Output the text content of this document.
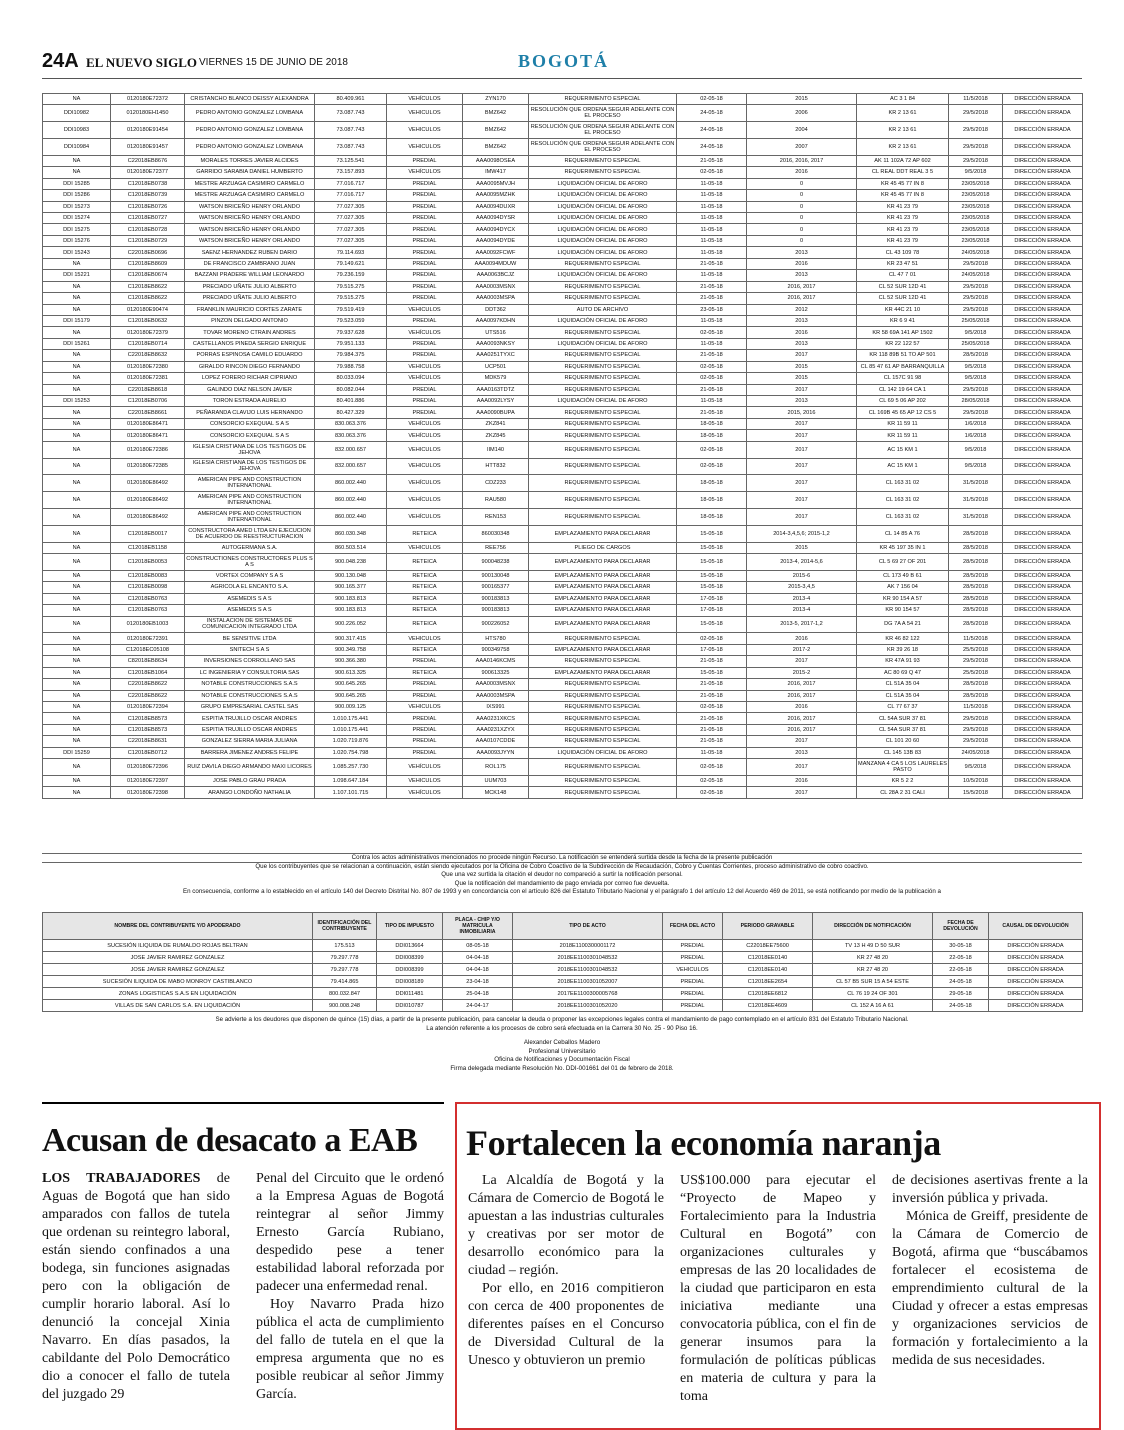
24A EL NUEVO SIGLO VIERNES 15 DE JUNIO DE 2018	BOGOTÁ
NA	0120180E72372	CRISTANCHO BLANCO DEISSY ALEXANDRA	80.409.961	VEHÍCULOS	ZYN170	REQUERIMIENTO ESPECIAL	02-05-18	2015	AC 3 1 84	11/5/2018	DIRECCIÓN ERRADA
DDI10982	0120180EH1450	PEDRO ANTONIO GONZALEZ LOMBANA	73.087.743	VEHICULOS	BMZ642	RESOLUCIÓN QUE ORDENA SEGUIR ADELANTE CON EL PROCESO	24-05-18	2006	KR 2 13 61	29/5/2018	DIRECCIÓN ERRADA
DDI10983	0120180E91454	PEDRO ANTONIO GONZALEZ LOMBANA	73.087.743	VEHICULOS	BMZ642	RESOLUCIÓN QUE ORDENA SEGUIR ADELANTE CON EL PROCESO	24-05-18	2004	KR 2 13 61	29/5/2018	DIRECCIÓN ERRADA
DDI10984	0120180E91457	PEDRO ANTONIO GONZALEZ LOMBANA	73.087.743	VEHICULOS	BMZ642	RESOLUCIÓN QUE ORDENA SEGUIR ADELANTE CON EL PROCESO	24-05-18	2007	KR 2 13 61	29/5/2018	DIRECCIÓN ERRADA
NA	C22018EB8676	MORALES TORRES JAVIER ALCIDES	73.125.541	PREDIAL	AAA0098OSEA	REQUERIMIENTO ESPECIAL	21-05-18	2016, 2016, 2017	AK 11 102A 72 AP 602	29/5/2018	DIRECCIÓN ERRADA
NA	0120180E72377	GARRIDO SARABIA DANIEL HUMBERTO	73.157.893	VEHÍCULOS	IMW417	REQUERIMIENTO ESPECIAL	02-05-18	2016	CL REAL DDT REAL 3 5	9/5/2018	DIRECCIÓN ERRADA
DDI 15285	C12018EB0738	MESTRE ARZUAGA CASIMIRO CARMELO	77.016.717	PREDIAL	AAA0095MVJH	LIQUIDACIÓN OFICIAL DE AFORO	11-05-18	0	KR 45 45 77 IN 8	23/05/2018	DIRECCIÓN ERRADA
DDI 15286	C12018EB0739	MESTRE ARZUAGA CASIMIRO CARMELO	77.016.717	PREDIAL	AAA0095MZHK	LIQUIDACIÓN OFICIAL DE AFORO	11-05-18	0	KR 45 45 77 IN 8	23/05/2018	DIRECCIÓN ERRADA
DDI 15273	C12018EB0726	WATSON BRICEÑO HENRY ORLANDO	77.027.305	PREDIAL	AAA0094DUXR	LIQUIDACIÓN OFICIAL DE AFORO	11-05-18	0	KR 41 23 79	23/05/2018	DIRECCIÓN ERRADA
DDI 15274	C12018EB0727	WATSON BRICEÑO HENRY ORLANDO	77.027.305	PREDIAL	AAA0094DYSR	LIQUIDACIÓN OFICIAL DE AFORO	11-05-18	0	KR 41 23 79	23/05/2018	DIRECCIÓN ERRADA
DDI 15275	C12018EB0728	WATSON BRICEÑO HENRY ORLANDO	77.027.305	PREDIAL	AAA0094DYCX	LIQUIDACIÓN OFICIAL DE AFORO	11-05-18	0	KR 41 23 79	23/05/2018	DIRECCIÓN ERRADA
DDI 15276	C12018EB0729	WATSON BRICEÑO HENRY ORLANDO	77.027.305	PREDIAL	AAA0094DYDE	LIQUIDACIÓN OFICIAL DE AFORO	11-05-18	0	KR 41 23 79	23/05/2018	DIRECCIÓN ERRADA
DDI 15243	C22018EB0696	SAENZ HERNANDEZ RUBEN DARIO	79.114.693	PREDIAL	AAA0092FCWF	LIQUIDACIÓN OFICIAL DE AFORO	11-05-18	2013	CL 43 109 78	24/05/2018	DIRECCIÓN ERRADA
NA	C12018EB8609	DE FRANCISCO ZAMBRANO JUAN	79.149.621	PREDIAL	AAA0094MDUW	REQUERIMIENTO ESPECIAL	21-05-18	2016	KR 23 47 51	29/5/2018	DIRECCIÓN ERRADA
DDI 15221	C12018EB0674	BAZZANI PRADERE WILLIAM LEONARDO	79.236.159	PREDIAL	AAA0063BCJZ	LIQUIDACIÓN OFICIAL DE AFORO	11-05-18	2013	CL 47 7 01	24/05/2018	DIRECCIÓN ERRADA
NA	C12018EB8622	PRECIADO UÑATE JULIO ALBERTO	79.515.275	PREDIAL	AAA0003MSNX	REQUERIMIENTO ESPECIAL	21-05-18	2016, 2017	CL 52 SUR 12D 41	29/5/2018	DIRECCIÓN ERRADA
NA	C12018EB8622	PRECIADO UÑATE JULIO ALBERTO	79.515.275	PREDIAL	AAA0003MSPA	REQUERIMIENTO ESPECIAL	21-05-18	2016, 2017	CL 52 SUR 12D 41	29/5/2018	DIRECCIÓN ERRADA
NA	0120180E90474	FRANKLIN MAURICIO CORTES ZARATE	79.519.419	VEHICULOS	DDT362	AUTO DE ARCHIVO	23-05-18	2012	KR 44C 21 10	29/5/2018	DIRECCIÓN ERRADA
DDI 15179	C12018EB0632	PINZON DELGADO ANTONIO	79.523.059	PREDIAL	AAA0097KDHN	LIQUIDACIÓN OFICIAL DE AFORO	11-05-18	2013	KR 6 9 41	25/05/2018	DIRECCIÓN ERRADA
NA	0120180E72379	TOVAR MORENO CTRAIN ANDRES	79.937.628	VEHÍCULOS	UTS516	REQUERIMIENTO ESPECIAL	02-05-18	2016	KR 58 69A 141 AP 1502	9/5/2018	DIRECCIÓN ERRADA
DDI 15261	C12018EB0714	CASTELLANOS PINEDA SERGIO ENRIQUE	79.951.133	PREDIAL	AAA0093NKSY	LIQUIDACIÓN OFICIAL DE AFORO	11-05-18	2013	KR 22 122 57	25/05/2018	DIRECCIÓN ERRADA
NA	C22018EB8632	PORRAS ESPINOSA CAMILO EDUARDO	79.984.375	PREDIAL	AAA0251TYXC	REQUERIMIENTO ESPECIAL	21-05-18	2017	KR 118 89B 51 TO AP 501	28/5/2018	DIRECCIÓN ERRADA
NA	0120180E72380	GIRALDO RINCON DIEGO FERNANDO	79.988.758	VEHICULOS	UCP501	REQUERIMIENTO ESPECIAL	02-05-18	2015	CL 85 47 61 AP BARRANQUILLA	9/5/2018	DIRECCIÓN ERRADA
NA	0120180E72381	LOPEZ FORERO RICHAR CIPRIANO	80.033.094	VEHÍCULOS	MDK579	REQUERIMIENTO ESPECIAL	02-05-18	2015	CL 157C 91 98	9/5/2018	DIRECCIÓN ERRADA
NA	C22018EB8618	GALINDO DIAZ NELSON JAVIER	80.082.044	PREDIAL	AAA0163TDTZ	REQUERIMIENTO ESPECIAL	21-05-18	2017	CL 142 19 64 CA 1	29/5/2018	DIRECCIÓN ERRADA
DDI 15253	C12018EB0706	TORON ESTRADA AURELIO	80.401.886	PREDIAL	AAA0092LYSY	LIQUIDACIÓN OFICIAL DE AFORO	11-05-18	2013	CL 69 5 06 AP 202	28/05/2018	DIRECCIÓN ERRADA
NA	C22018EB8661	PEÑARANDA CLAVIJO LUIS HERNANDO	80.427.329	PREDIAL	AAA0090BUPA	REQUERIMIENTO ESPECIAL	21-05-18	2015, 2016	CL 169B 45 65 AP 12 CS 5	29/5/2018	DIRECCIÓN ERRADA
NA	0120180E86471	CONSORCIO EXEQUIAL S A S	830.063.376	VEHÍCULOS	ZKZ841	REQUERIMIENTO ESPECIAL	18-05-18	2017	KR 11 59 11	1/6/2018	DIRECCIÓN ERRADA
NA	0120180E86471	CONSORCIO EXEQUIAL S A S	830.063.376	VEHÍCULOS	ZKZ845	REQUERIMIENTO ESPECIAL	18-05-18	2017	KR 11 59 11	1/6/2018	DIRECCIÓN ERRADA
NA	0120180E72386	IGLESIA CRISTIANA DE LOS TESTIGOS DE JEHOVA	832.000.657	VEHICULOS	IIM140	REQUERIMIENTO ESPECIAL	02-05-18	2017	AC 15 KM 1	9/5/2018	DIRECCIÓN ERRADA
NA	0120180E72385	IGLESIA CRISTIANA DE LOS TESTIGOS DE JEHOVA	832.000.657	VEHICULOS	HTT832	REQUERIMIENTO ESPECIAL	02-05-18	2017	AC 15 KM 1	9/5/2018	DIRECCIÓN ERRADA
NA	0120180E86492	AMERICAN PIPE AND CONSTRUCTION INTERNATIONAL	860.002.440	VEHÍCULOS	CDZ233	REQUERIMIENTO ESPECIAL	18-05-18	2017	CL 163 31 02	31/5/2018	DIRECCIÓN ERRADA
NA	0120180E86492	AMERICAN PIPE AND CONSTRUCTION INTERNATIONAL	860.002.440	VEHÍCULOS	RAU580	REQUERIMIENTO ESPECIAL	18-05-18	2017	CL 163 31 02	31/5/2018	DIRECCIÓN ERRADA
NA	0120180E86492	AMERICAN PIPE AND CONSTRUCTION INTERNATIONAL	860.002.440	VEHÍCULOS	REN153	REQUERIMIENTO ESPECIAL	18-05-18	2017	CL 163 31 02	31/5/2018	DIRECCIÓN ERRADA
NA	C12018EB0017	CONSTRUCTORA AMED LTDA EN EJECUCION DE ACUERDO DE REESTRUCTURACION	860.030.348	RETEICA	860030348	EMPLAZAMIENTO PARA DECLARAR	15-05-18	2014-3,4,5,6; 2015-1,2	CL 14 85 A 76	28/5/2018	DIRECCIÓN ERRADA
NA	C12018EB1158	AUTOGERMANA S.A.	860.503.514	VEHICULOS	REE756	PLIEGO DE CARGOS	15-05-18	2015	KR 45 197 35 IN 1	28/5/2018	DIRECCIÓN ERRADA
NA	C12018EB0053	CONSTRUCTIONES CONSTRUCTORES PLUS S A S	900.048.238	RETEICA	900048238	EMPLAZAMIENTO PARA DECLARAR	15-05-18	2013-4, 2014-5,6	CL 5 69 27 OF 201	28/5/2018	DIRECCIÓN ERRADA
NA	C12018EB0083	VORTEX COMPANY S A S	900.130.048	RETEICA	900130048	EMPLAZAMIENTO PARA DECLARAR	15-05-18	2015-6	CL 173 49 B 61	28/5/2018	DIRECCIÓN ERRADA
NA	C12018EB0098	AGRICOLA EL ENCANTO S.A.	900.165.377	RETEICA	900165377	EMPLAZAMIENTO PARA DECLARAR	15-05-18	2015-3,4,5	AK 7 156 04	28/5/2018	DIRECCIÓN ERRADA
NA	C12018EB0763	ASEMEDIS S A S	900.183.813	RETEICA	900183813	EMPLAZAMIENTO PARA DECLARAR	17-05-18	2013-4	KR 90 154 A 57	28/5/2018	DIRECCIÓN ERRADA
NA	C12018EB0763	ASEMEDIS S A S	900.183.813	RETEICA	900183813	EMPLAZAMIENTO PARA DECLARAR	17-05-18	2013-4	KR 90 154 57	28/5/2018	DIRECCIÓN ERRADA
NA	0120180EB1003	INSTALACION DE SISTEMAS DE COMUNICACION INTEGRADO LTDA	900.226.052	RETEICA	900226052	EMPLAZAMIENTO PARA DECLARAR	15-05-18	2013-5, 2017-1,2	DG 7A A 54 21	28/5/2018	DIRECCIÓN ERRADA
NA	0120180E72391	BE SENSITIVE LTDA	900.317.415	VEHICULOS	HTS780	REQUERIMIENTO ESPECIAL	02-05-18	2016	KR 46 82 122	11/5/2018	DIRECCIÓN ERRADA
NA	C12018EC05108	SNITECH S A S	900.349.758	RETEICA	900349758	EMPLAZAMIENTO PARA DECLARAR	17-05-18	2017-2	KR 39 26 18	25/5/2018	DIRECCIÓN ERRADA
NA	C82018EB8634	INVERSIONES CORROLLANO SAS	900.366.380	PREDIAL	AAA0146KCMS	REQUERIMIENTO ESPECIAL	21-05-18	2017	KR 47A 91 93	29/5/2018	DIRECCIÓN ERRADA
NA	C12018EB1064	LC INGENIERIA Y CONSULTORIA SAS	900.613.325	RETEICA	900613325	EMPLAZAMIENTO PARA DECLARAR	15-05-18	2015-2	AC 80 69 Q 47	25/5/2018	DIRECCIÓN ERRADA
NA	C22018EB8622	NOTABLE CONSTRUCCIONES S.A.S	900.645.265	PREDIAL	AAA0003MSNX	REQUERIMIENTO ESPECIAL	21-05-18	2016, 2017	CL 51A 35 04	28/5/2018	DIRECCIÓN ERRADA
NA	C22018EB8622	NOTABLE CONSTRUCCIONES S.A.S	900.645.265	PREDIAL	AAA0003MSPA	REQUERIMIENTO ESPECIAL	21-05-18	2016, 2017	CL 51A 35 04	28/5/2018	DIRECCIÓN ERRADA
NA	0120180E72394	GRUPO EMPRESARIAL CASTEL SAS	900.009.125	VEHICULOS	IXS991	REQUERIMIENTO ESPECIAL	02-05-18	2016	CL 77 67 37	11/5/2018	DIRECCIÓN ERRADA
NA	C12018EB8573	ESPITIA TRUJILLO OSCAR ANDRES	1.010.175.441	PREDIAL	AAA0231XKCS	REQUERIMIENTO ESPECIAL	21-05-18	2016, 2017	CL 54A SUR 37 81	29/5/2018	DIRECCIÓN ERRADA
NA	C12018EB8573	ESPITIA TRUJILLO OSCAR ANDRES	1.010.175.441	PREDIAL	AAA0231XZYX	REQUERIMIENTO ESPECIAL	21-05-18	2016, 2017	CL 54A SUR 37 81	29/5/2018	DIRECCIÓN ERRADA
NA	C22018EB8631	GONZALEZ SIERRA MARIA JULIANA	1.020.719.876	PREDIAL	AAA0107CDDE	REQUERIMIENTO ESPECIAL	21-05-18	2017	CL 101 20 60	29/5/2018	DIRECCIÓN ERRADA
DDI 15259	C12018EB0712	BARRERA JIMENEZ ANDRES FELIPE	1.020.754.798	PREDIAL	AAA0093JYYN	LIQUIDACIÓN OFICIAL DE AFORO	11-05-18	2013	CL 145 13B 83	24/05/2018	DIRECCIÓN ERRADA
NA	0120180E72396	RUIZ DAVILA DIEGO ARMANDO MAXI LICORES	1.085.257.730	VEHÍCULOS	ROL175	REQUERIMIENTO ESPECIAL	02-05-18	2017	MANZANA 4 CA 5 LOS LAURELES PASTO	9/5/2018	DIRECCIÓN ERRADA
NA	0120180E72397	JOSE PABLO GRAU PRADA	1.098.647.184	VEHICULOS	UUM703	REQUERIMIENTO ESPECIAL	02-05-18	2016	KR 5 2 2	10/5/2018	DIRECCIÓN ERRADA
NA	0120180E72398	ARANGO LONDOÑO NATHALIA	1.107.101.715	VEHÍCULOS	MCK148	REQUERIMIENTO ESPECIAL	02-05-18	2017	CL 28A 2 31 CALI	15/5/2018	DIRECCIÓN ERRADA

Contra los actos administrativos mencionados no procede ningún Recurso. La notificación se entenderá surtida desde la fecha de la presente publicación

Que los contribuyentes que se relacionan a continuación, están siendo ejecutados por la Oficina de Cobro Coactivo de la Subdirección de Recaudación, Cobro y Cuentas Corrientes, proceso administrativo de cobro coactivo.

Que una vez surtida la citación el deudor no compareció a surtir la notificación personal.

Que la notificación del mandamiento de pago enviada por correo fue devuelta.

En consecuencia, conforme a lo establecido en el artículo 140 del Decreto Distrital No. 807 de 1993 y en concordancia con el artículo 826 del Estatuto Tributario Nacional y el parágrafo 1 del artículo 12 del Acuerdo 469 de 2011, se está notificando por medio de la publicación a

NOMBRE DEL CONTRIBUYENTE Y/O APODERADO	IDENTIFICACIÓN DEL CONTRIBUYENTE	TIPO DE IMPUESTO	PLACA - CHIP Y/O MATRICULA INMOBILIARIA	TIPO DE ACTO	FECHA DEL ACTO	PERIODO GRAVABLE	DIRECCIÓN DE NOTIFICACIÓN	FECHA DE DEVOLUCIÓN	CAUSAL DE DEVOLUCIÓN
SUCESIÓN ILIQUIDA DE RUMALDO ROJAS BELTRAN	175.513	DDI013664	08-05-18	2018E1100300001172	PREDIAL	C22018EE75600	TV 13 H 49 D 50 SUR	30-05-18	DIRECCIÓN ERRADA
JOSE JAVIER RAMIREZ GONZALEZ	79.297.778	DDI008399	04-04-18	2018EE1100301048532	PREDIAL	C12018EE0140	KR 27 48 20	22-05-18	DIRECCIÓN ERRADA
JOSE JAVIER RAMIREZ GONZALEZ	79.297.778	DDI008399	04-04-18	2018EE1100301048532	VEHICULOS	C12018EE0140	KR 27 48 20	22-05-18	DIRECCIÓN ERRADA
SUCESIÓN ILIQUIDA DE MABO MONROY CASTIBLANCO	79.414.865	DDI008189	23-04-18	2018EE1100301052007	PREDIAL	C12018EE2654	CL 57 B5 SUR 15 A 54 ESTE	24-05-18	DIRECCIÓN ERRADA
ZONAS LOGISTICAS S.A.S EN LIQUIDACIÓN	800.032.847	DDI011481	25-04-18	2017EE1100300005768	PREDIAL	C12018EE6812	CL 76 19 24 OF 301	29-05-18	DIRECCIÓN ERRADA
VILLAS DE SAN CARLOS S.A. EN LIQUIDACIÓN	900.008.248	DDI010787	24-04-17	2018EE1100301052020	PREDIAL	C12018EE4609	CL 152 A 16 A 61	24-05-18	DIRECCIÓN ERRADA

Se advierte a los deudores que disponen de quince (15) días, a partir de la presente publicación, para cancelar la deuda o proponer las excepciones legales contra el mandamiento de pago contemplado en el artículo 831 del Estatuto Tributario Nacional.

La atención referente a los procesos de cobro será efectuada en la Carrera 30 No. 25 - 90 Piso 16.

Alexander Ceballos Madero

Profesional Universitario

Oficina de Notificaciones y Documentación Fiscal

Firma delegada mediante Resolución No. DDI-001661 del 01 de febrero de 2018.

Acusan de desacato a EAB
LOS TRABAJADORES de Aguas de Bogotá que han sido amparados con fallos de tutela que ordenan su reintegro laboral, están siendo confinados a una bodega, sin funciones asignadas pero con la obligación de cumplir horario laboral. Así lo denunció la concejal Xinia Navarro. En días pasados, la cabildante del Polo Democrático dio a conocer el fallo de tutela del juzgado 29
Penal del Circuito que le ordenó a la Empresa Aguas de Bogotá reintegrar al señor Jimmy Ernesto García Rubiano, despedido pese a tener estabilidad laboral reforzada por padecer una enfermedad renal.
Hoy Navarro Prada hizo pública el acta de cumplimiento del fallo de tutela en el que la empresa argumenta que no es posible reubicar al señor Jimmy García.
Fortalecen la economía naranja
La Alcaldía de Bogotá y la Cámara de Comercio de Bogotá le apuestan a las industrias culturales y creativas por ser motor de desarrollo económico para la ciudad – región.
Por ello, en 2016 compitieron con cerca de 400 proponentes de diferentes países en el Concurso de Diversidad Cultural de la Unesco y obtuvieron un premio
US$100.000 para ejecutar el “Proyecto de Mapeo y Fortalecimiento para la Industria Cultural en Bogotá” con organizaciones culturales y empresas de las 20 localidades de la ciudad que participaron en esta iniciativa mediante una convocatoria pública, con el fin de generar insumos para la formulación de políticas públicas en materia de cultura y para la toma
de decisiones asertivas frente a la inversión pública y privada.
Mónica de Greiff, presidente de la Cámara de Comercio de Bogotá, afirma que “buscábamos fortalecer el ecosistema de emprendimiento cultural de la Ciudad y ofrecer a estas empresas y organizaciones servicios de formación y fortalecimiento a la medida de sus necesidades.
